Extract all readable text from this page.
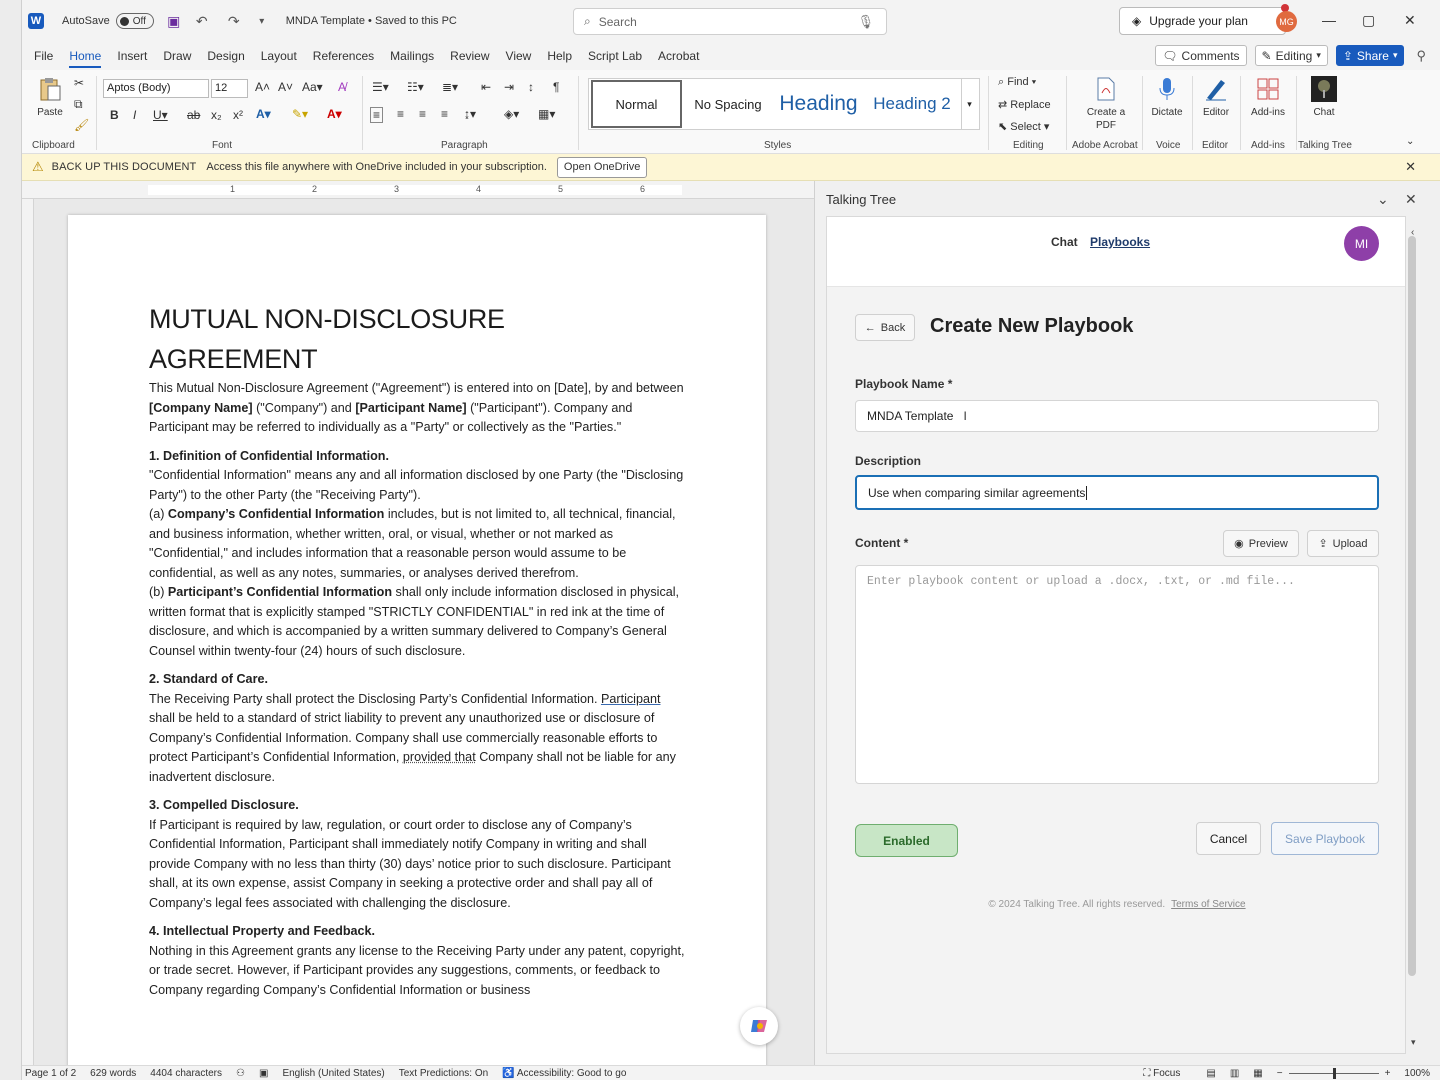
W AutoSave Off ▣ ↶ ↷	▾	MNDA Template • Saved to this PC	⌕ Search	🎙	◈ Upgrade your plan	MG — ▢ ✕
File	Home	Insert	Draw	Design	Layout	References	Mailings	Review	View	Help	Script Lab	Acrobat	🗨 Comments ✎ Editing ▾ ⇪ Share ▾ ⚲
Paste
✂
⧉
🖌
Clipboard
Aptos (Body)	12	A˄ A˅ Aa▾ A̸
B I U▾ ab x₂ x² A▾ ✎▾ A▾
Font
☰▾ ☷▾ ≣▾ ⇤ ⇥ ↕ ¶
≡ ≡ ≡ ≡ ↨▾ ◈▾ ▦▾
Paragraph
Normal	No Spacing Heading Heading 2	▾
Styles
⌕ Find ▾
⇄ Replace
⬉ Select ▾
Editing
Create a PDF
Adobe Acrobat
Dictate
Voice
Editor
Editor
Add-ins
Add-ins
Chat
Talking Tree	⌄
⚠ BACK UP THIS DOCUMENT Access this file anywhere with OneDrive included in your subscription.	Open OneDrive	✕
1	2	3	4	5	6
MUTUAL NON-DISCLOSURE
AGREEMENT

This Mutual Non-Disclosure Agreement ("Agreement") is entered into on [Date], by and between [Company Name] ("Company") and [Participant Name] ("Participant"). Company and Participant may be referred to individually as a "Party" or collectively as the "Parties."

1. Definition of Confidential Information.
"Confidential Information" means any and all information disclosed by one Party (the "Disclosing Party") to the other Party (the "Receiving Party").
(a) Company’s Confidential Information includes, but is not limited to, all technical, financial, and business information, whether written, oral, or visual, whether or not marked as "Confidential," and includes information that a reasonable person would assume to be confidential, as well as any notes, summaries, or analyses derived therefrom.

(b) Participant’s Confidential Information shall only include information disclosed in physical, written format that is explicitly stamped "STRICTLY CONFIDENTIAL" in red ink at the time of disclosure, and which is accompanied by a written summary delivered to Company’s General Counsel within twenty-four (24) hours of such disclosure.

2. Standard of Care.

The Receiving Party shall protect the Disclosing Party’s Confidential Information. Participant shall be held to a standard of strict liability to prevent any unauthorized use or disclosure of Company’s Confidential Information. Company shall use commercially reasonable efforts to protect Participant’s Confidential Information, provided that Company shall not be liable for any inadvertent disclosure.

3. Compelled Disclosure.

If Participant is required by law, regulation, or court order to disclose any of Company’s Confidential Information, Participant shall immediately notify Company in writing and shall provide Company with no less than thirty (30) days’ notice prior to such disclosure. Participant shall, at its own expense, assist Company in seeking a protective order and shall pay all of Company’s legal fees associated with challenging the disclosure.

4. Intellectual Property and Feedback.

Nothing in this Agreement grants any license to the Receiving Party under any patent, copyright, or trade secret. However, if Participant provides any suggestions, comments, or feedback to Company regarding Company’s Confidential Information or business

Talking Tree	⌄ ✕
Chat Playbooks	MI
← Back Create New Playbook
Playbook Name *
MNDA Template I
Description
Use when comparing similar agreements
Content *	◉ Preview	⇪ Upload
Enter playbook content or upload a .docx, .txt, or .md file...
Enabled	Cancel	Save Playbook
© 2024 Talking Tree. All rights reserved. Terms of Service
‹
▾
Page 1 of 2 629 words 4404 characters ⚇ ▣ English (United States) Text Predictions: On ♿ Accessibility: Good to go	⛶ Focus	▤ ▥ ▦ −	+ 100%
